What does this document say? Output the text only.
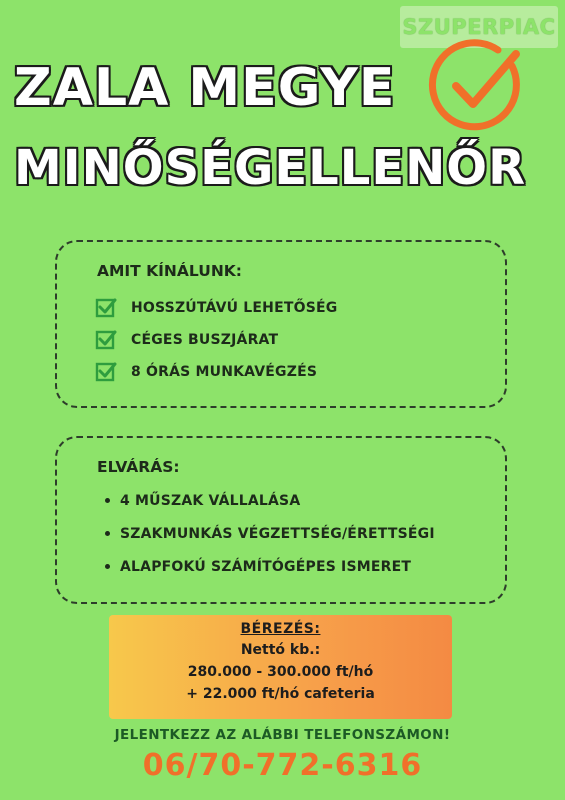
SZUPERPIAC
ZALA MEGYE
MINŐSÉGELLENŐR
AMIT KÍNÁLUNK:
HOSSZÚTÁVÚ LEHETŐSÉG
CÉGES BUSZJÁRAT
8 ÓRÁS MUNKAVÉGZÉS
ELVÁRÁS:
4 MŰSZAK VÁLLALÁSA
SZAKMUNKÁS VÉGZETTSÉG/ÉRETTSÉGI
ALAPFOKÚ SZÁMÍTÓGÉPES ISMERET
BÉREZÉS:
Nettó kb.:
280.000 - 300.000 ft/hó
+ 22.000 ft/hó cafeteria
JELENTKEZZ AZ ALÁBBI TELEFONSZÁMON!
06/70-772-6316
